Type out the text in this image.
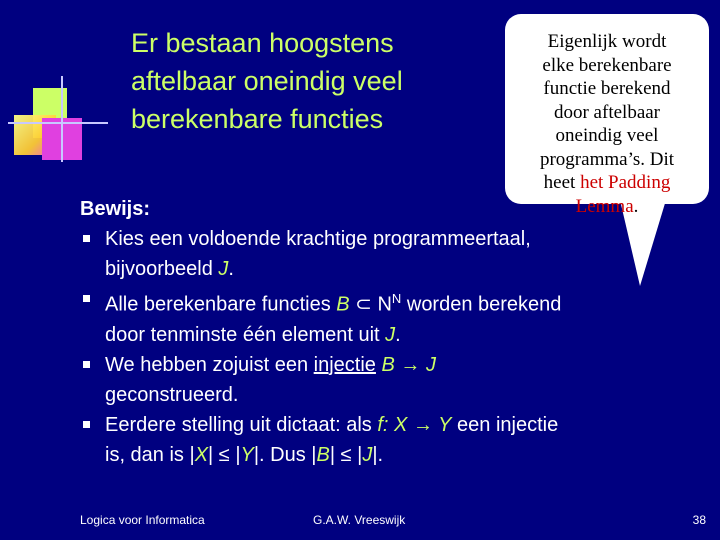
Er bestaan hoogstens
aftelbaar oneindig veel
berekenbare functies
Eigenlijk wordt
elke berekenbare
functie berekend
door aftelbaar
oneindig veel
programma’s. Dit
heet het Padding
Lemma.
Bewijs:
Kies een voldoende krachtige programmeertaal,
bijvoorbeeld J.
Alle berekenbare functies B ⊂ $N^N$ worden berekend
door tenminste één element uit J.
We hebben zojuist een injectie B → J
geconstrueerd.
Eerdere stelling uit dictaat: als f: X → Y een injectie
is, dan is |X| ≤ |Y|. Dus |B| ≤ |J|.
Logica voor Informatica	G.A.W. Vreeswijk	38
